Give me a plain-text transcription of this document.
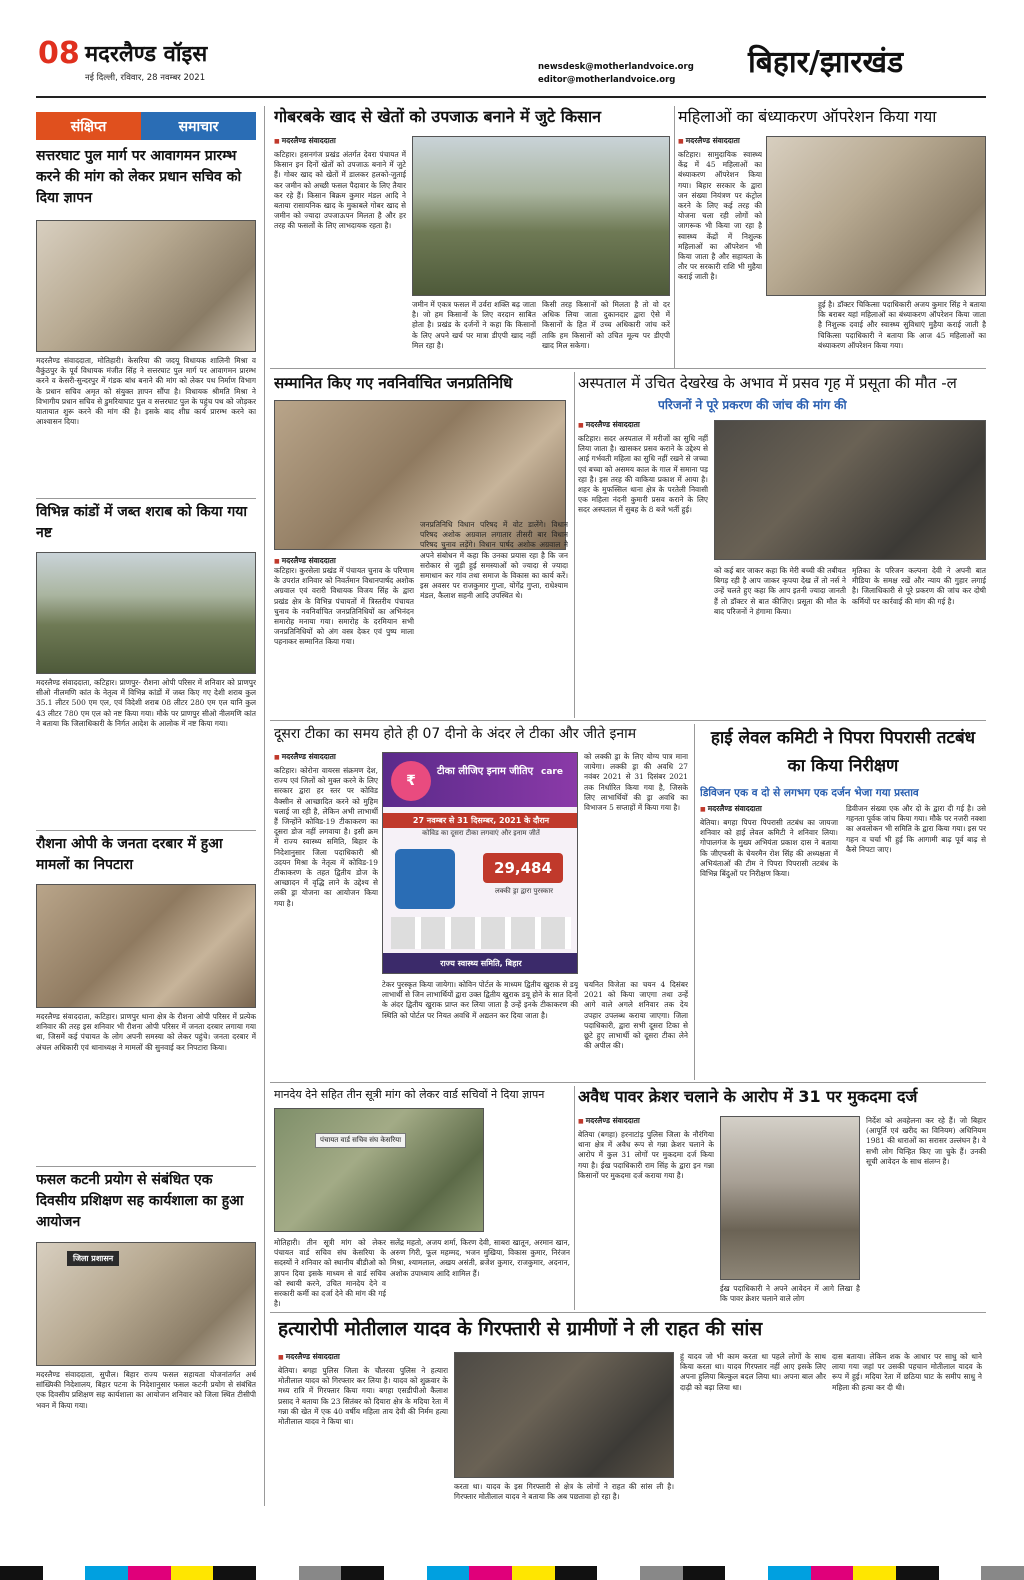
08 मदरलैण्ड वॉइस
नई दिल्ली, रविवार, 28 नवम्बर 2021
newsdesk@motherlandvoice.org
editor@motherlandvoice.org बिहार/झारखंड
संक्षिप्त	समाचार
सत्तरघाट पुल मार्ग पर आवागमन प्रारम्भ करने की मांग को लेकर प्रधान सचिव को दिया ज्ञापन
मदरलैण्ड संवाददाता, मोतिहारी। केसरिया की जदयू विधायक शालिनी मिश्रा व वैकुंठपुर के पूर्व विधायक मंजीत सिंह ने सत्तरघाट पुल मार्ग पर आवागमन प्रारम्भ करने व केसरी-सुन्दरपुर में गंडक बांध बनाने की मांग को लेकर पथ निर्माण विभाग के प्रधान सचिव अमृत को संयुक्त ज्ञापन सौंपा है। विधायक श्रीमति मिश्रा ने विभागीय प्रधान सचिव से डुमरियाघाट पुल व सत्तरघाट पुल के पहुंच पथ को जोड़कर यातायात शुरू करने की मांग की है। इसके बाद शीघ्र कार्य प्रारम्भ करने का आश्वासन दिया।
विभिन्न कांडों में जब्त शराब को किया गया नष्ट
मदरलैण्ड संवाददाता, कटिहार। प्राणपुर- रौशना ओपी परिसर में शनिवार को प्राणपुर सीओ नीलमणि कांत के नेतृत्व में विभिन्न कांडों में जब्त किए गए देशी शराब कुल 35.1 लीटर 500 एम एल, एवं विदेशी शराब 08 लीटर 280 एम एल यानि कुल 43 लीटर 780 एम एल को नष्ट किया गया। मौके पर प्राणपुर सीओ नीलमणि कांत ने बताया कि जिलाधिकारी के निर्गत आदेश के आलोक में नष्ट किया गया।
रौशना ओपी के जनता दरबार में हुआ मामलों का निपटारा
मदरलैण्ड संवाददाता, कटिहार। प्राणपुर थाना क्षेत्र के रौशना ओपी परिसर में प्रत्येक शनिवार की तरह इस शनिवार भी रौशना ओपी परिसर में जनता दरबार लगाया गया था, जिसमें कई पंचायत के लोग अपनी समस्या को लेकर पहुंचे। जनता दरबार में अंचल अधिकारी एवं थानाध्यक्ष ने मामलों की सुनवाई कर निपटारा किया।
फसल कटनी प्रयोग से संबंधित एक दिवसीय प्रशिक्षण सह कार्यशाला का हुआ आयोजन
जिला प्रशासन
मदरलैण्ड संवाददाता, सुपौल। बिहार राज्य फसल सहायता योजनांतर्गत अर्थ सांख्यिकी निदेशालय, बिहार पटना के निदेशानुसार फसल कटनी प्रयोग से संबंधित एक दिवसीय प्रशिक्षण सह कार्यशाला का आयोजन शनिवार को जिला स्थित टीसीपी भवन में किया गया।
गोबरबके खाद से खेतों को उपजाऊ बनाने में जुटे किसान
■ मदरलैण्ड संवाददाता
कटिहार। हसनगंज प्रखंड अंतर्गत देवरा पंचायत में किसान इन दिनों खेतों को उपजाऊ बनाने में जुटे हैं। गोबर खाद को खेतों में डालकर हलको-जुताई कर जमीन को अच्छी फसल पैदावार के लिए तैयार कर रहे हैं। किसान बिक्रम कुमार मंडल आदि ने बताया रासायनिक खाद के मुकाबले गोबर खाद से जमीन को ज्यादा उपजाऊपन मिलता है और हर तरह की फसलों के लिए लाभदायक रहता है।
जमीन में एकत्र फसल में उर्वरा शक्ति बढ़ जाता है। जो हम किसानों के लिए वरदान साबित होता है। प्रखंड के दर्जनों ने कहा कि किसानों के लिए अपने खर्च पर मात्रा डीएपी खाद नहीं मिल रहा है।
किसी तरह किसानों को मिलता है तो वो दर अधिक लिया जाता दुकानदार द्वारा ऐसे में किसानों के हित में उच्च अधिकारी जांच करें ताकि हम किसानों को उचित मूल्य पर डीएपी खाद मिल सकेगा।
महिलाओं का बंध्याकरण ऑपरेशन किया गया
■ मदरलैण्ड संवाददाता
कटिहार। सामुदायिक स्वास्थ्य केंद्र में 45 महिलाओं का बंध्याकरण ऑपरेशन किया गया। बिहार सरकार के द्वारा जन संख्या नियंत्रण पर कंट्रोल करने के लिए कई तरह की योजना चला रही लोगों को जागरूक भी किया जा रहा है स्वास्थ्य केंद्रों में निशुल्क महिलाओं का ऑपरेशन भी किया जाता है और सहायता के तौर पर सरकारी राशि भी मुहैया कराई जाती है।
हुई है। डॉक्टर चिकित्सा पदाधिकारी अजय कुमार सिंह ने बताया कि बराबर यहां महिलाओं का बंध्याकरण ऑपरेशन किया जाता है निशुल्क दवाई और स्वास्थ्य सुविधाएं मुहैया कराई जाती है चिकित्सा पदाधिकारी ने बताया कि आज 45 महिलाओं का बंध्याकरण ऑपरेशन किया गया।
सम्मानित किए गए नवनिर्वाचित जनप्रतिनिधि
■ मदरलैण्ड संवाददाता
कटिहार। कुरसेला प्रखंड में पंचायत चुनाव के परिणाम के उपरांत शनिवार को निवर्तमान विधानपार्षद अशोक अग्रवाल एवं वरारी विधायक विजय सिंह के द्वारा प्रखंड क्षेत्र के विभिन्न पंचायतों में त्रिस्तरीय पंचायत चुनाव के नवनिर्वाचित जनप्रतिनिधियों का अभिनंदन समारोह मनाया गया। समारोह के दरमियान सभी जनप्रतिनिधियों को अंग वस्त्र देकर एवं पुष्प माला पहनाकर सम्मानित किया गया।
जनप्रतिनिधि विधान परिषद में वोट डालेंगे। विधान परिषद अशोक अग्रवाल लगातार तीसरी बार विधान परिषद चुनाव लड़ेंगे। विधान पार्षद अशोक अग्रवाल ने अपने संबोधन में कहा कि उनका प्रयास रहा है कि जन सरोकार से जुड़ी हुई समस्याओं को ज्यादा से ज्यादा समाधान कर गांव तथा समाज के विकास का कार्य करें। इस अवसर पर राजकुमार गुप्ता, योगेंद्र गुप्ता, राधेश्याम मंडल, कैलाश सहनी आदि उपस्थित थे।
अस्पताल में उचित देखरेख के अभाव में प्रसव गृह में प्रसूता की मौत -ल
परिजनों ने पूरे प्रकरण की जांच की मांग की
■ मदरलैण्ड संवाददाता
कटिहार। सदर अस्पताल में मरीजों का सुधि नहीं लिया जाता है। खासकर प्रसव कराने के उद्देश्य से आई गर्भवती महिला का सुधि नहीं रखने से जच्चा एवं बच्चा को असमय काल के गाल में समाना पड़ रहा है। इस तरह की वाकिया प्रकाश में आया है। शहर के मुफस्सिल थाना क्षेत्र के परतेली निवासी एक महिला नंदनी कुमारी प्रसव कराने के लिए सदर अस्पताल में सुबह के 8 बजे भर्ती हुई।
को कई बार जाकर कहा कि मेरी बच्ची की तबीयत बिगड़ रही है आप जाकर कृपया देख लें तो नर्स ने उन्हें चलते हुए कहा कि आप इतनी ज्यादा जानती हैं तो डॉक्टर से बात कीजिए। प्रसूता की मौत के बाद परिजनों ने हंगामा किया।
मृतिका के परिजन कल्पना देवी ने अपनी बात मीडिया के समक्ष रखें और न्याय की गुहार लगाई है। जिलाधिकारी से पूरे प्रकरण की जांच कर दोषी कर्मियों पर कार्रवाई की मांग की गई है।
दूसरा टीका का समय होते ही 07 दीनो के अंदर ले टीका और जीते इनाम
■ मदरलैण्ड संवाददाता
कटिहार। कोरोना वायरस संक्रमण देश, राज्य एवं जिलों को मुक्त करने के लिए सरकार द्वारा हर स्तर पर कोविड वैक्सीन से आच्छादित करने को मुहिम चलाई जा रही है, लेकिन अभी लाभार्थी हैं जिन्होंने कोविड-19 टीकाकरण का दूसरा डोज नहीं लगवाया है। इसी क्रम में राज्य स्वास्थ्य समिति, बिहार के निदेशानुसार जिला पदाधिकारी श्री उदयन मिश्रा के नेतृत्व में कोविड-19 टीकाकरण के तहत द्वितीय डोज के आच्छादन में वृद्धि लाने के उद्देश्य से लकी ड्रा योजना का आयोजन किया गया है।
₹
टीका लीजिए इनाम जीतिए care
27 नवम्बर से 31 दिसम्बर, 2021 के दौरान
कोविड का दूसरा टीका लगवाएं और इनाम जीतें
29,484
लक्की ड्रा द्वारा पुरस्कार
राज्य स्वास्थ्य समिति, बिहार
टेकर पुरस्कृत किया जायेगा। कोविन पोर्टल के माध्यम द्वितीय खुराक से डयू लाभार्थी से जिन लाभार्थियों द्वारा उक्त द्वितीय खुराक डयू होने के सात दिनों के अंदर द्वितीय खुराक प्राप्त कर लिया जाता है उन्हें इनके टीकाकरण की स्थिति को पोर्टल पर नियत अवधि में अद्यतन कर दिया जाता है।
को लक्की ड्रा के लिए योग्य पात्र माना जायेगा। लक्की ड्रा की अवधि 27 नवंबर 2021 से 31 दिसंबर 2021 तक निर्धारित किया गया है, जिसके लिए लाभार्थियों की ड्रा अवधि का विभाजन 5 सप्ताहों में किया गया है।
चयनित विजेता का चयन 4 दिसंबर 2021 को किया जाएगा तथा उन्हें आगे वाले अगले शनिवार तक देय उपहार उपलब्ध कराया जाएगा। जिला पदाधिकारी, द्वारा सभी दूसरा टिका से छूटे हुए लाभार्थी को दूसरा टीका लेने की अपील की।
हाई लेवल कमिटी ने पिपरा पिपरासी तटबंध का किया निरीक्षण
डिविजन एक व दो से लगभग एक दर्जन भेजा गया प्रस्ताव
■ मदरलैण्ड संवाददाता
बेतिया। बगहा पिपरा पिपरासी तटबंध का जायजा शनिवार को हाई लेवल कमिटी ने शनिवार लिया। गोपालगंज के मुख्य अभियंता प्रकाश दास ने बताया कि जीएफसी के चेयरमैन रोश सिंह की अध्यक्षता में अभियंताओं की टीम ने पिपरा पिपरासी तटबंध के विभिन्न बिंदुओं पर निरीक्षण किया।
डिवीजन संख्या एक और दो के द्वारा दी गई है। उसे गहनता पूर्वक जांच किया गया। मौके पर नजरी नक्शा का अवलोकन भी समिति के द्वारा किया गया। इस पर गहन व चर्चा भी हुई कि आगामी बाढ़ पूर्व बाढ़ से कैसे निपटा जाए।
मानदेय देने सहित तीन सूत्री मांग को लेकर वार्ड सचिवों ने दिया ज्ञापन
पंचायत वार्ड सचिव संघ केसरिया
मोतिहारी। तीन सूत्री मांग को लेकर पंचायत वार्ड सचिव संघ केसरिया के सदस्यों ने शनिवार को स्थानीय बीडीओ को ज्ञापन दिया इसके माध्यम से वार्ड सचिव को स्थायी करने, उचित मानदेय देने व सरकारी कर्मी का दर्जा देने की मांग की गई है।
सलेंद्र महतो, अजय शर्मा, किरण देवी, साबरा खातून, अरमान खान, अरुण गिरी, फूल महम्मद, भजन मुखिया, विकास कुमार, निरंजन मिश्रा, श्यामलाल, अखय असंती, ब्रजेश कुमार, राजकुमार, अदनान, अशोक उपाध्याय आदि शामिल हैं।
अवैध पावर क्रेशर चलाने के आरोप में 31 पर मुकदमा दर्ज
■ मदरलैण्ड संवाददाता
बेतिया (बगहा) हरनाटांड़ पुलिस जिला के नौरंगिया थाना क्षेत्र में अवैध रूप से गन्ना क्रेशर चलाने के आरोप में कुल 31 लोगों पर मुकदमा दर्ज किया गया है। ईख पदाधिकारी राम सिंह के द्वारा इन गन्ना किसानों पर मुकदमा दर्ज कराया गया है।
ईख पदाधिकारी ने अपने आवेदन में आगे लिखा है कि पावर क्रेशर चलाने वाले लोग
निर्देश को अवहेलना कर रहे हैं। जो बिहार (आपूर्ति एवं खरीद का विनियम) अधिनियम 1981 की धाराओं का सरासर उल्लंघन है। वे सभी लोग चिन्हित किए जा चुके हैं। उनकी सूची आवेदन के साथ संलग्न है।
हत्यारोपी मोतीलाल यादव के गिरफ्तारी से ग्रामीणों ने ली राहत की सांस
■ मदरलैण्ड संवाददाता
बेतिया। बगहा पुलिस जिला के चौतरवा पुलिस ने हत्यारा मोतीलाल यादव को गिरफ्तार कर लिया है। यादव को शुक्रवार के मध्य रात्रि में गिरफ्तार किया गया। बगहा एसडीपीओ कैलाश प्रसाद ने बताया कि 23 सितंबर को दियारा क्षेत्र के मदिया रेता में गन्ना की खेत में एक 40 वर्षीय महिला ताय देवी की निर्मम हत्या मोतीलाल यादव ने किया था।
करता था। यादव के इस गिरफ्तारी से क्षेत्र के लोगों ने राहत की सांस ली है। गिरफ्तार मोतीलाल यादव ने बताया कि अब पछतावा हो रहा है।
हुं यादव जो भी काम करता था पहले लोगों के साथ किया करता था। यादव गिरफ्तार नहीं आए इसके लिए अपना हुलिया बिल्कुल बदल लिया था। अपना बाल और दाढ़ी को बढ़ा लिया था।
दास बताया। लेकिन शक के आधार पर साधु को थाने लाया गया जहां पर उसकी पहचान मोतीलाल यादव के रूप में हुई। मदिया रेता में छठिया घाट के समीप साधु ने महिला की हत्या कर दी थी।
